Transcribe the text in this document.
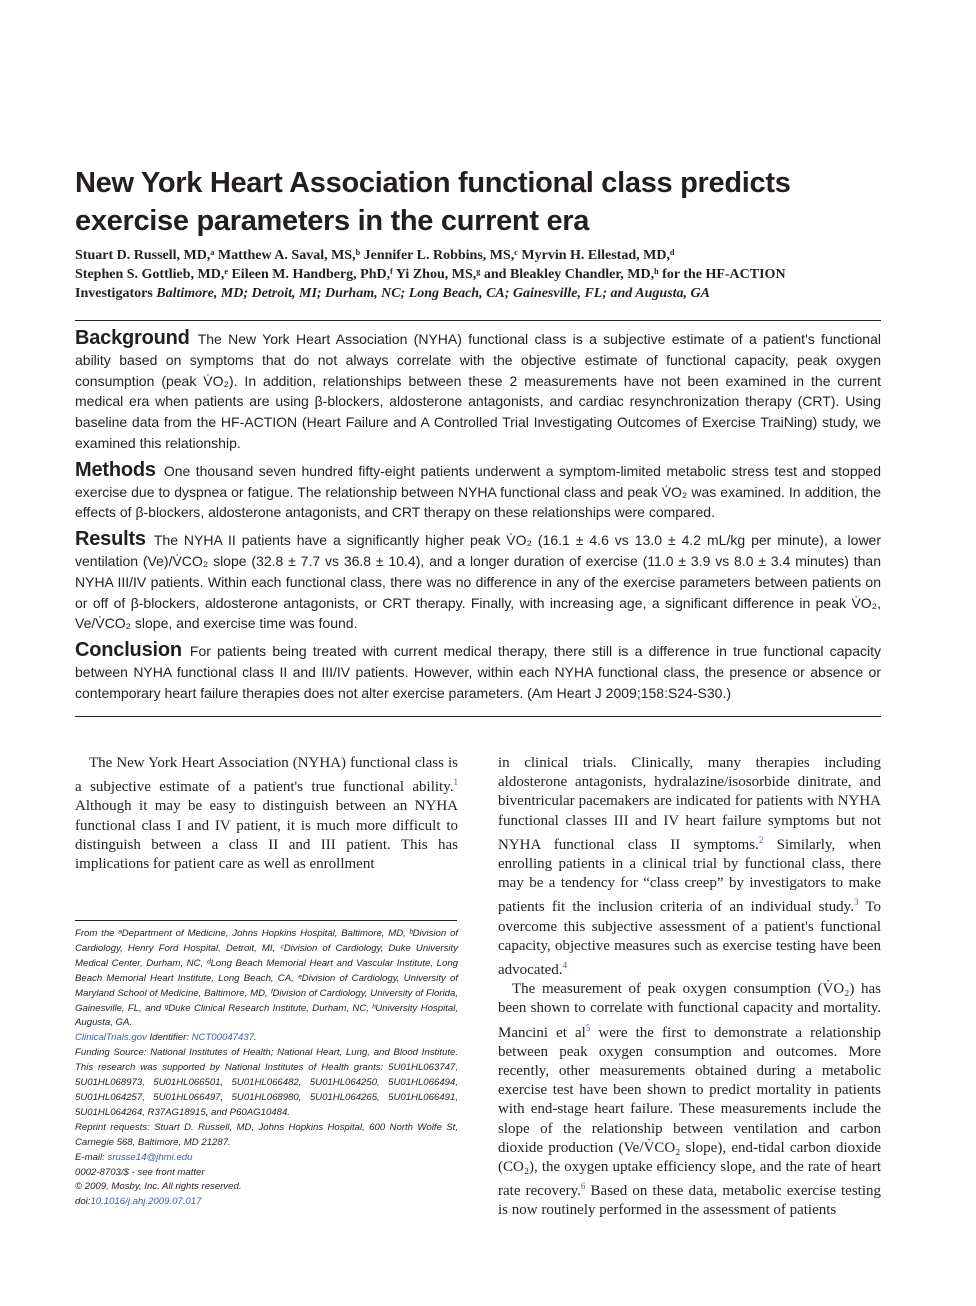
New York Heart Association functional class predicts exercise parameters in the current era
Stuart D. Russell, MD,ᵃ Matthew A. Saval, MS,ᵇ Jennifer L. Robbins, MS,ᶜ Myrvin H. Ellestad, MD,ᵈ
Stephen S. Gottlieb, MD,ᵉ Eileen M. Handberg, PhD,ᶠ Yi Zhou, MS,ᵍ and Bleakley Chandler, MD,ʰ for the HF-ACTION
Investigators Baltimore, MD; Detroit, MI; Durham, NC; Long Beach, CA; Gainesville, FL; and Augusta, GA

Background The New York Heart Association (NYHA) functional class is a subjective estimate of a patient's functional ability based on symptoms that do not always correlate with the objective estimate of functional capacity, peak oxygen consumption (peak V̇O₂). In addition, relationships between these 2 measurements have not been examined in the current medical era when patients are using β-blockers, aldosterone antagonists, and cardiac resynchronization therapy (CRT). Using baseline data from the HF-ACTION (Heart Failure and A Controlled Trial Investigating Outcomes of Exercise TraiNing) study, we examined this relationship.

Methods One thousand seven hundred fifty-eight patients underwent a symptom-limited metabolic stress test and stopped exercise due to dyspnea or fatigue. The relationship between NYHA functional class and peak V̇O₂ was examined. In addition, the effects of β-blockers, aldosterone antagonists, and CRT therapy on these relationships were compared.

Results The NYHA II patients have a significantly higher peak V̇O₂ (16.1 ± 4.6 vs 13.0 ± 4.2 mL/kg per minute), a lower ventilation (Ve)/V̇CO₂ slope (32.8 ± 7.7 vs 36.8 ± 10.4), and a longer duration of exercise (11.0 ± 3.9 vs 8.0 ± 3.4 minutes) than NYHA III/IV patients. Within each functional class, there was no difference in any of the exercise parameters between patients on or off of β-blockers, aldosterone antagonists, or CRT therapy. Finally, with increasing age, a significant difference in peak V̇O₂, Ve/V̇CO₂ slope, and exercise time was found.

Conclusion For patients being treated with current medical therapy, there still is a difference in true functional capacity between NYHA functional class II and III/IV patients. However, within each NYHA functional class, the presence or absence or contemporary heart failure therapies does not alter exercise parameters. (Am Heart J 2009;158:S24-S30.)

The New York Heart Association (NYHA) functional class is a subjective estimate of a patient's true functional ability.$^1$ Although it may be easy to distinguish between an NYHA functional class I and IV patient, it is much more difficult to distinguish between a class II and III patient. This has implications for patient care as well as enrollment

From the ᵃDepartment of Medicine, Johns Hopkins Hospital, Baltimore, MD, ᵇDivision of Cardiology, Henry Ford Hospital, Detroit, MI, ᶜDivision of Cardiology, Duke University Medical Center, Durham, NC, ᵈLong Beach Memorial Heart and Vascular Institute, Long Beach Memorial Heart Institute, Long Beach, CA, ᵉDivision of Cardiology, University of Maryland School of Medicine, Baltimore, MD, ᶠDivision of Cardiology, University of Florida, Gainesville, FL, and ᵍDuke Clinical Research Institute, Durham, NC, ʰUniversity Hospital, Augusta, GA.

ClinicalTrials.gov Identifier: NCT00047437.

Funding Source: National Institutes of Health; National Heart, Lung, and Blood Institute. This research was supported by National Institutes of Health grants: 5U01HL063747, 5U01HL068973, 5U01HL066501, 5U01HL066482, 5U01HL064250, 5U01HL066494, 5U01HL064257, 5U01HL066497, 5U01HL068980, 5U01HL064265, 5U01HL066491, 5U01HL064264, R37AG18915, and P60AG10484.

Reprint requests: Stuart D. Russell, MD, Johns Hopkins Hospital, 600 North Wolfe St, Carnegie 568, Baltimore, MD 21287.

E-mail: srusse14@jhmi.edu

0002-8703/$ - see front matter

© 2009, Mosby, Inc. All rights reserved.

doi:10.1016/j.ahj.2009.07.017

in clinical trials. Clinically, many therapies including aldosterone antagonists, hydralazine/isosorbide dinitrate, and biventricular pacemakers are indicated for patients with NYHA functional classes III and IV heart failure symptoms but not NYHA functional class II symptoms.$^2$ Similarly, when enrolling patients in a clinical trial by functional class, there may be a tendency for “class creep” by investigators to make patients fit the inclusion criteria of an individual study.$^3$ To overcome this subjective assessment of a patient's functional capacity, objective measures such as exercise testing have been advocated.$^4$

The measurement of peak oxygen consumption (V̇O₂) has been shown to correlate with functional capacity and mortality. Mancini et $al^5$ were the first to demonstrate a relationship between peak oxygen consumption and outcomes. More recently, other measurements obtained during a metabolic exercise test have been shown to predict mortality in patients with end-stage heart failure. These measurements include the slope of the relationship between ventilation and carbon dioxide production (Ve/V̇CO₂ slope), end-tidal carbon dioxide (CO₂), the oxygen uptake efficiency slope, and the rate of heart rate recovery.$^6$ Based on these data, metabolic exercise testing is now routinely performed in the assessment of patients
